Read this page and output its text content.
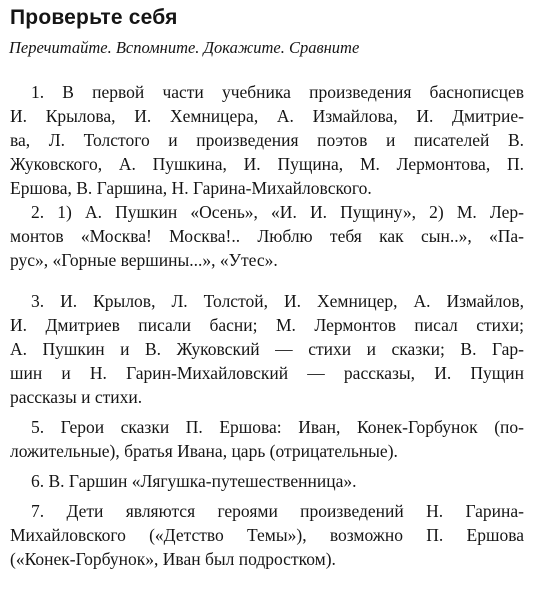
Проверьте себя
Перечитайте. Вспомните. Докажите. Сравните
1. В первой части учебника произведения баснописцев
И. Крылова, И. Хемницера, А. Измайлова, И. Дмитрие-
ва, Л. Толстого и произведения поэтов и писателей В.
Жуковского, А. Пушкина, И. Пущина, М. Лермонтова, П.
Ершова, В. Гаршина, Н. Гарина-Михайловского.
2. 1) А. Пушкин «Осень», «И. И. Пущину», 2) М. Лер-
монтов «Москва! Москва!.. Люблю тебя как сын..», «Па-
рус», «Горные вершины...», «Утес».
3. И. Крылов, Л. Толстой, И. Хемницер, А. Измайлов,
И. Дмитриев писали басни; М. Лермонтов писал стихи;
А. Пушкин и В. Жуковский — стихи и сказки; В. Гар-
шин и Н. Гарин-Михайловский — рассказы, И. Пущин
рассказы и стихи.
5. Герои сказки П. Ершова: Иван, Конек-Горбунок (по-
ложительные), братья Ивана, царь (отрицательные).
6. В. Гаршин «Лягушка-путешественница».
7. Дети являются героями произведений Н. Гарина-
Михайловского («Детство Темы»), возможно П. Ершова
(«Конек-Горбунок», Иван был подростком).
